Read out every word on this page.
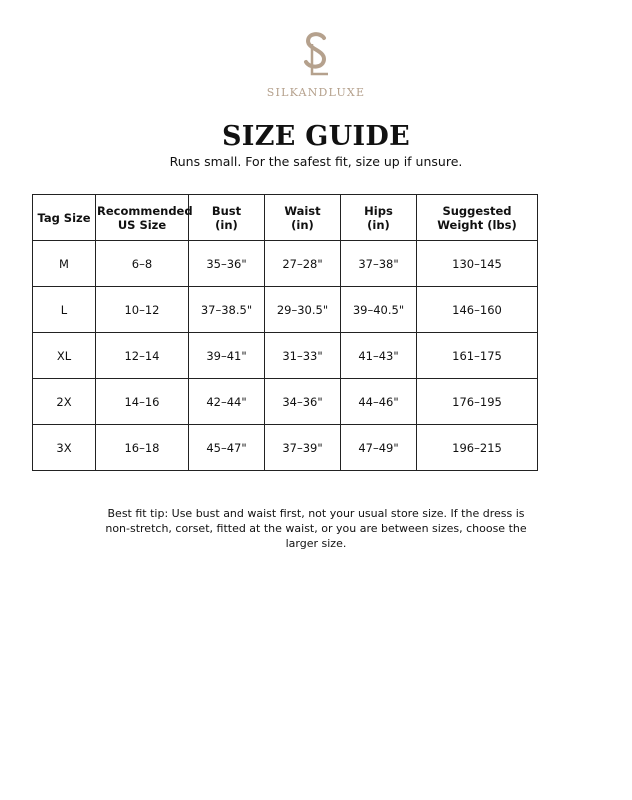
SILKANDLUXE
SIZE GUIDE
Runs small. For the safest fit, size up if unsure.
Tag Size	Recommended US Size	Bust (in)	Waist (in)	Hips (in)	Suggested Weight (lbs)

M	6–8	35–36"	27–28"	37–38"	130–145
L	10–12	37–38.5"	29–30.5"	39–40.5"	146–160
XL	12–14	39–41"	31–33"	41–43"	161–175
2X	14–16	42–44"	34–36"	44–46"	176–195
3X	16–18	45–47"	37–39"	47–49"	196–215
Best fit tip: Use bust and waist first, not your usual store size. If the dress is non-stretch, corset, fitted at the waist, or you are between sizes, choose the larger size.
